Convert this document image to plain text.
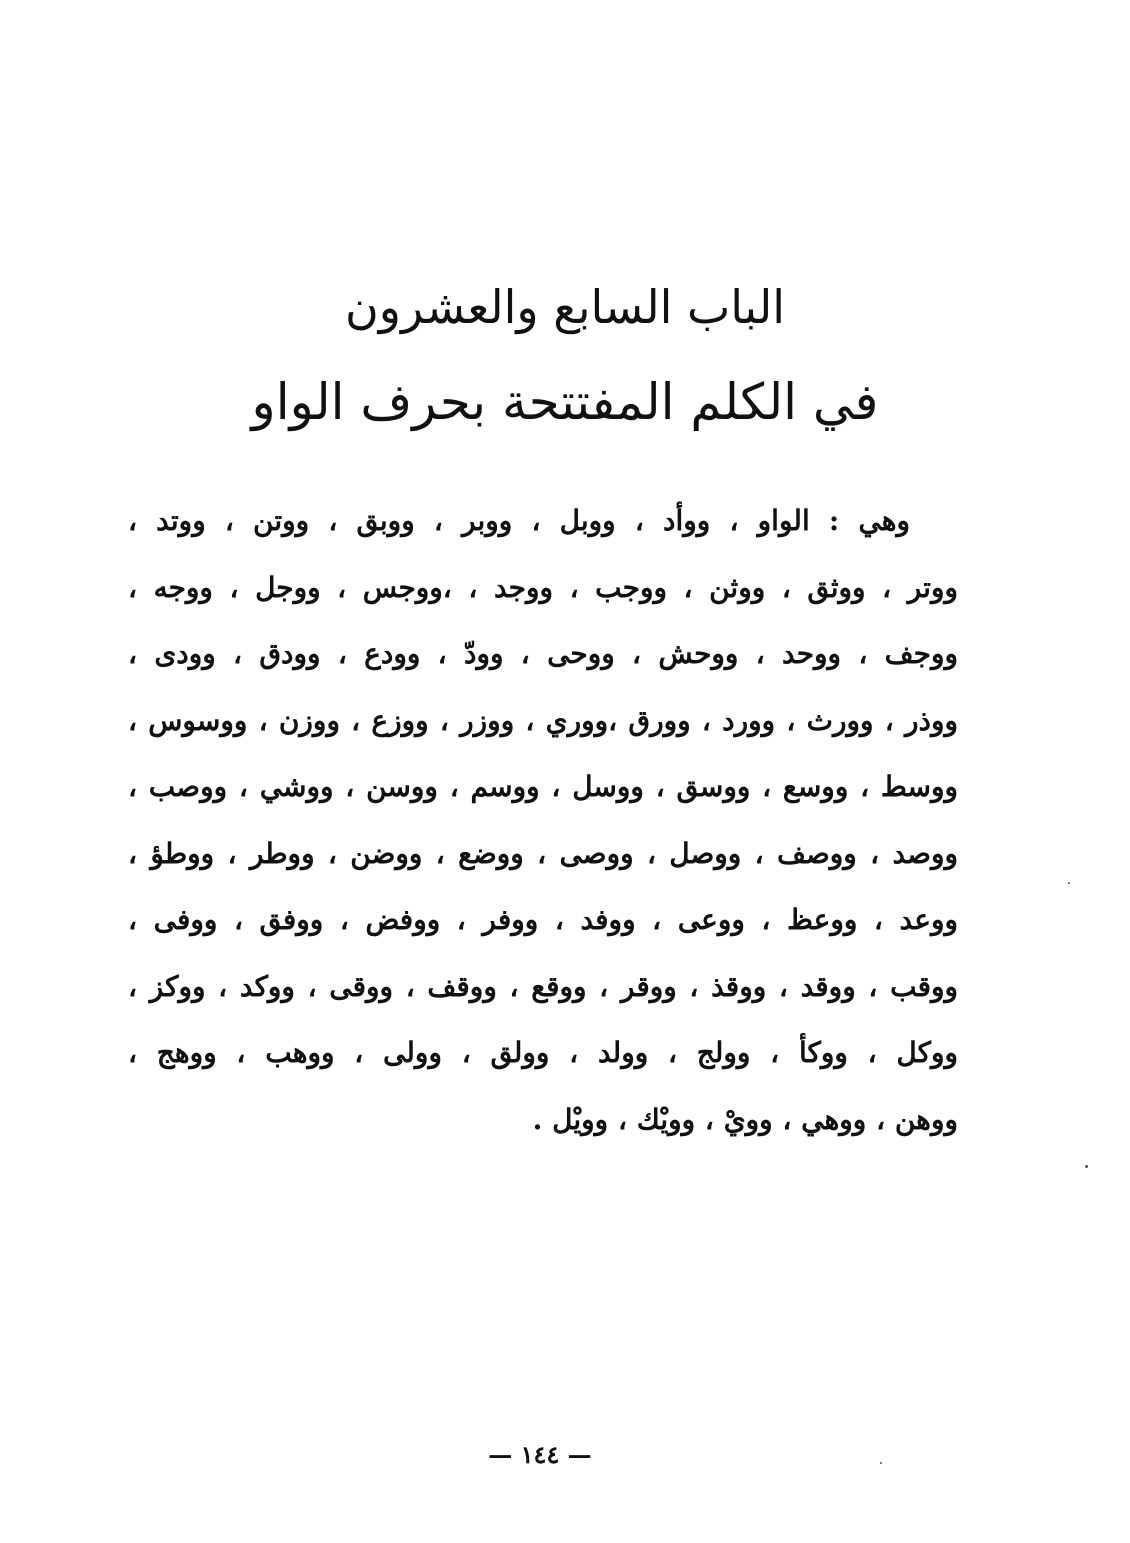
الباب السابع والعشرون
في الكلم المفتتحة بحرف الواو
وهي : الواو ، ووأد ، ووبل ، ووبر ، ووبق ، ووتن ، ووتد ،
ووتر ، ووثق ، ووثن ، ووجب ، ووجد ، ،ووجس ، ووجل ، ووجه ،
ووجف ، ووحد ، ووحش ، ووحى ، وودّ ، وودع ، وودق ، وودى ،
ووذر ، وورث ، وورد ، وورق ،ووري ، ووزر ، ووزع ، ووزن ، ووسوس ،
ووسط ، ووسع ، ووسق ، ووسل ، ووسم ، ووسن ، ووشي ، ووصب ،
ووصد ، ووصف ، ووصل ، ووصى ، ووضع ، ووضن ، ووطر ، ووطؤ ،
ووعد ، ووعظ ، ووعى ، ووفد ، ووفر ، ووفض ، ووفق ، ووفى ،
ووقب ، ووقد ، ووقذ ، ووقر ، ووقع ، ووقف ، ووقى ، ووكد ، ووكز ،
ووكل ، ووكأ ، وولج ، وولد ، وولق ، وولى ، ووهب ، ووهج ،
ووهن ، ووهي ، وويْ ، وويْك ، وويْل .
— ١٤٤ —
